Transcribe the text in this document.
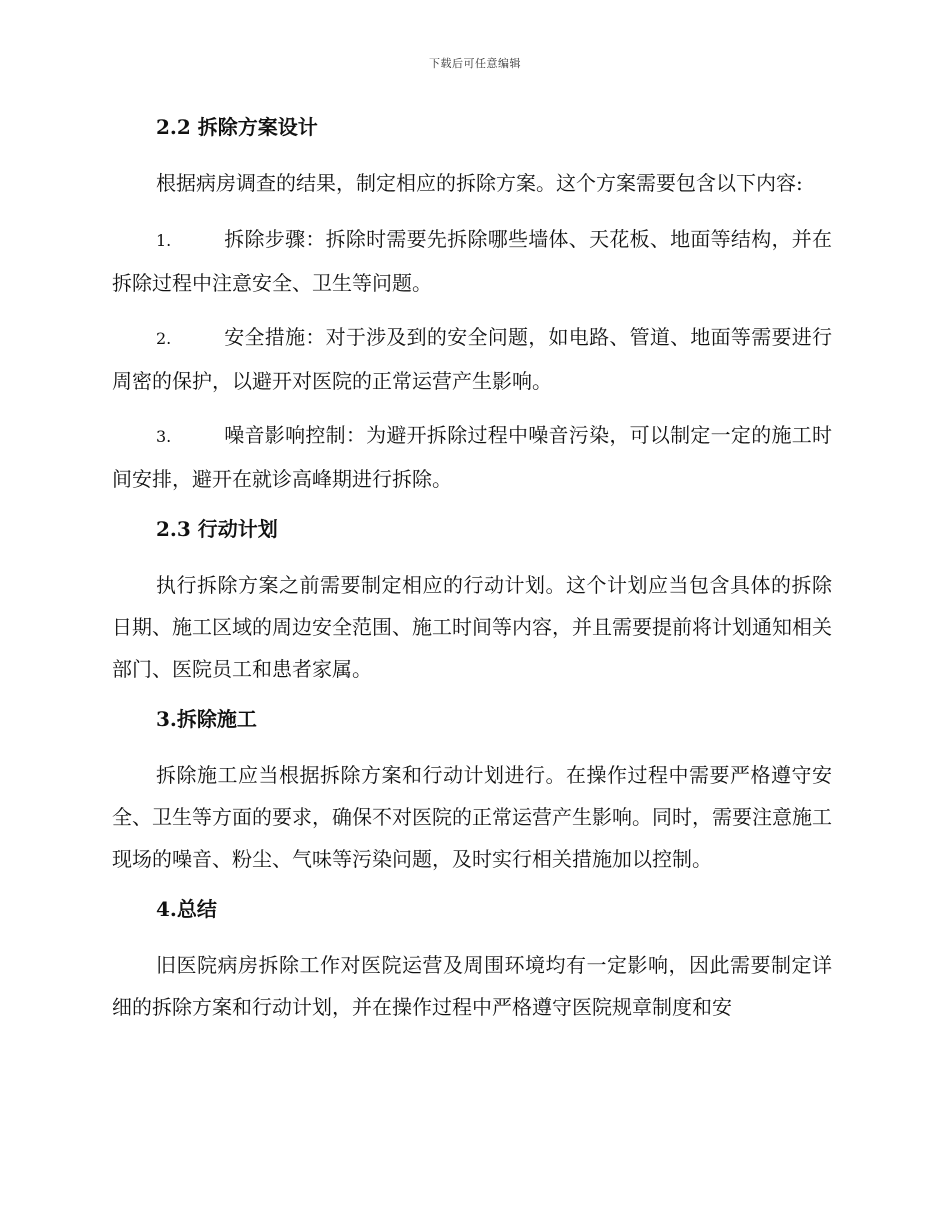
下载后可任意编辑
2.2 拆除方案设计

根据病房调查的结果，制定相应的拆除方案。这个方案需要包含以下内容:

1.	拆除步骤：拆除时需要先拆除哪些墙体、天花板、地面等结构，并在拆除过程中注意安全、卫生等问题。

2.	安全措施：对于涉及到的安全问题，如电路、管道、地面等需要进行周密的保护，以避开对医院的正常运营产生影响。

3.	噪音影响控制：为避开拆除过程中噪音污染，可以制定一定的施工时间安排，避开在就诊高峰期进行拆除。

2.3 行动计划

执行拆除方案之前需要制定相应的行动计划。这个计划应当包含具体的拆除日期、施工区域的周边安全范围、施工时间等内容，并且需要提前将计划通知相关部门、医院员工和患者家属。

3.拆除施工

拆除施工应当根据拆除方案和行动计划进行。在操作过程中需要严格遵守安全、卫生等方面的要求，确保不对医院的正常运营产生影响。同时，需要注意施工现场的噪音、粉尘、气味等污染问题，及时实行相关措施加以控制。

4.总结

旧医院病房拆除工作对医院运营及周围环境均有一定影响，因此需要制定详细的拆除方案和行动计划，并在操作过程中严格遵守医院规章制度和安
